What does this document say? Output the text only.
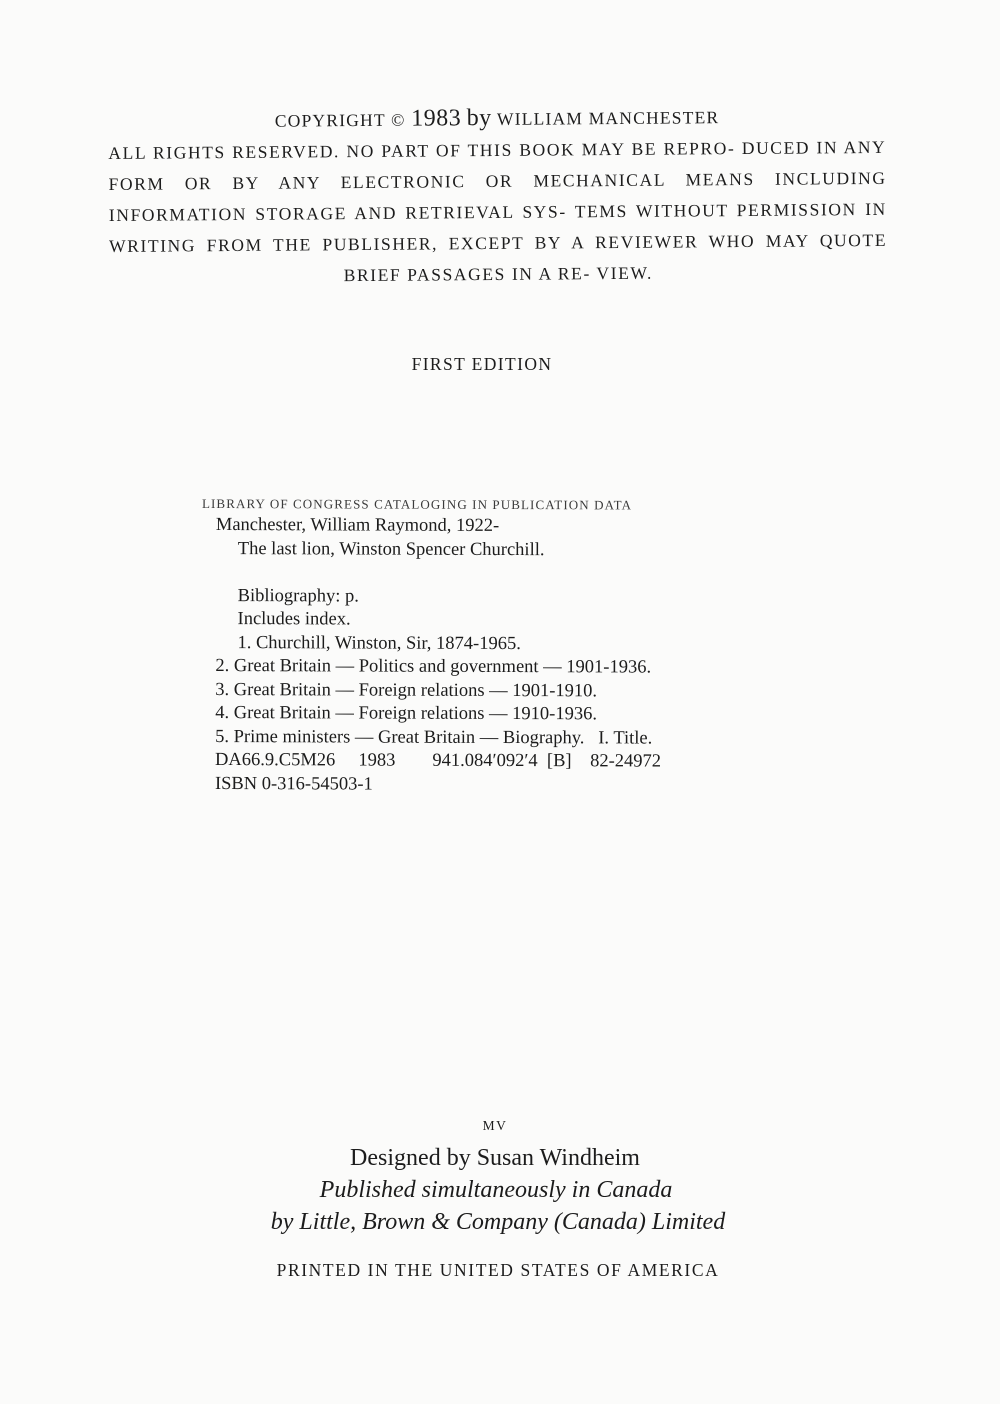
COPYRIGHT © 1983 by WILLIAM MANCHESTER
ALL RIGHTS RESERVED. NO PART OF THIS BOOK MAY BE REPRO- DUCED IN ANY FORM OR BY ANY ELECTRONIC OR MECHANICAL MEANS INCLUDING INFORMATION STORAGE AND RETRIEVAL SYS- TEMS WITHOUT PERMISSION IN WRITING FROM THE PUBLISHER, EXCEPT BY A REVIEWER WHO MAY QUOTE BRIEF PASSAGES IN A RE- VIEW.
FIRST EDITION
LIBRARY OF CONGRESS CATALOGING IN PUBLICATION DATA
Manchester, William Raymond, 1922-
The last lion, Winston Spencer Churchill.
Bibliography: p.
Includes index.
1. Churchill, Winston, Sir, 1874-1965.
2. Great Britain — Politics and government — 1901-1936.
3. Great Britain — Foreign relations — 1901-1910.
4. Great Britain — Foreign relations — 1910-1936.
5. Prime ministers — Great Britain — Biography.   I. Title.
DA66.9.C5M26     1983        941.084′092′4  [B]    82-24972
ISBN 0-316-54503-1
MV
Designed by Susan Windheim
Published simultaneously in Canada
by Little, Brown & Company (Canada) Limited
PRINTED IN THE UNITED STATES OF AMERICA
